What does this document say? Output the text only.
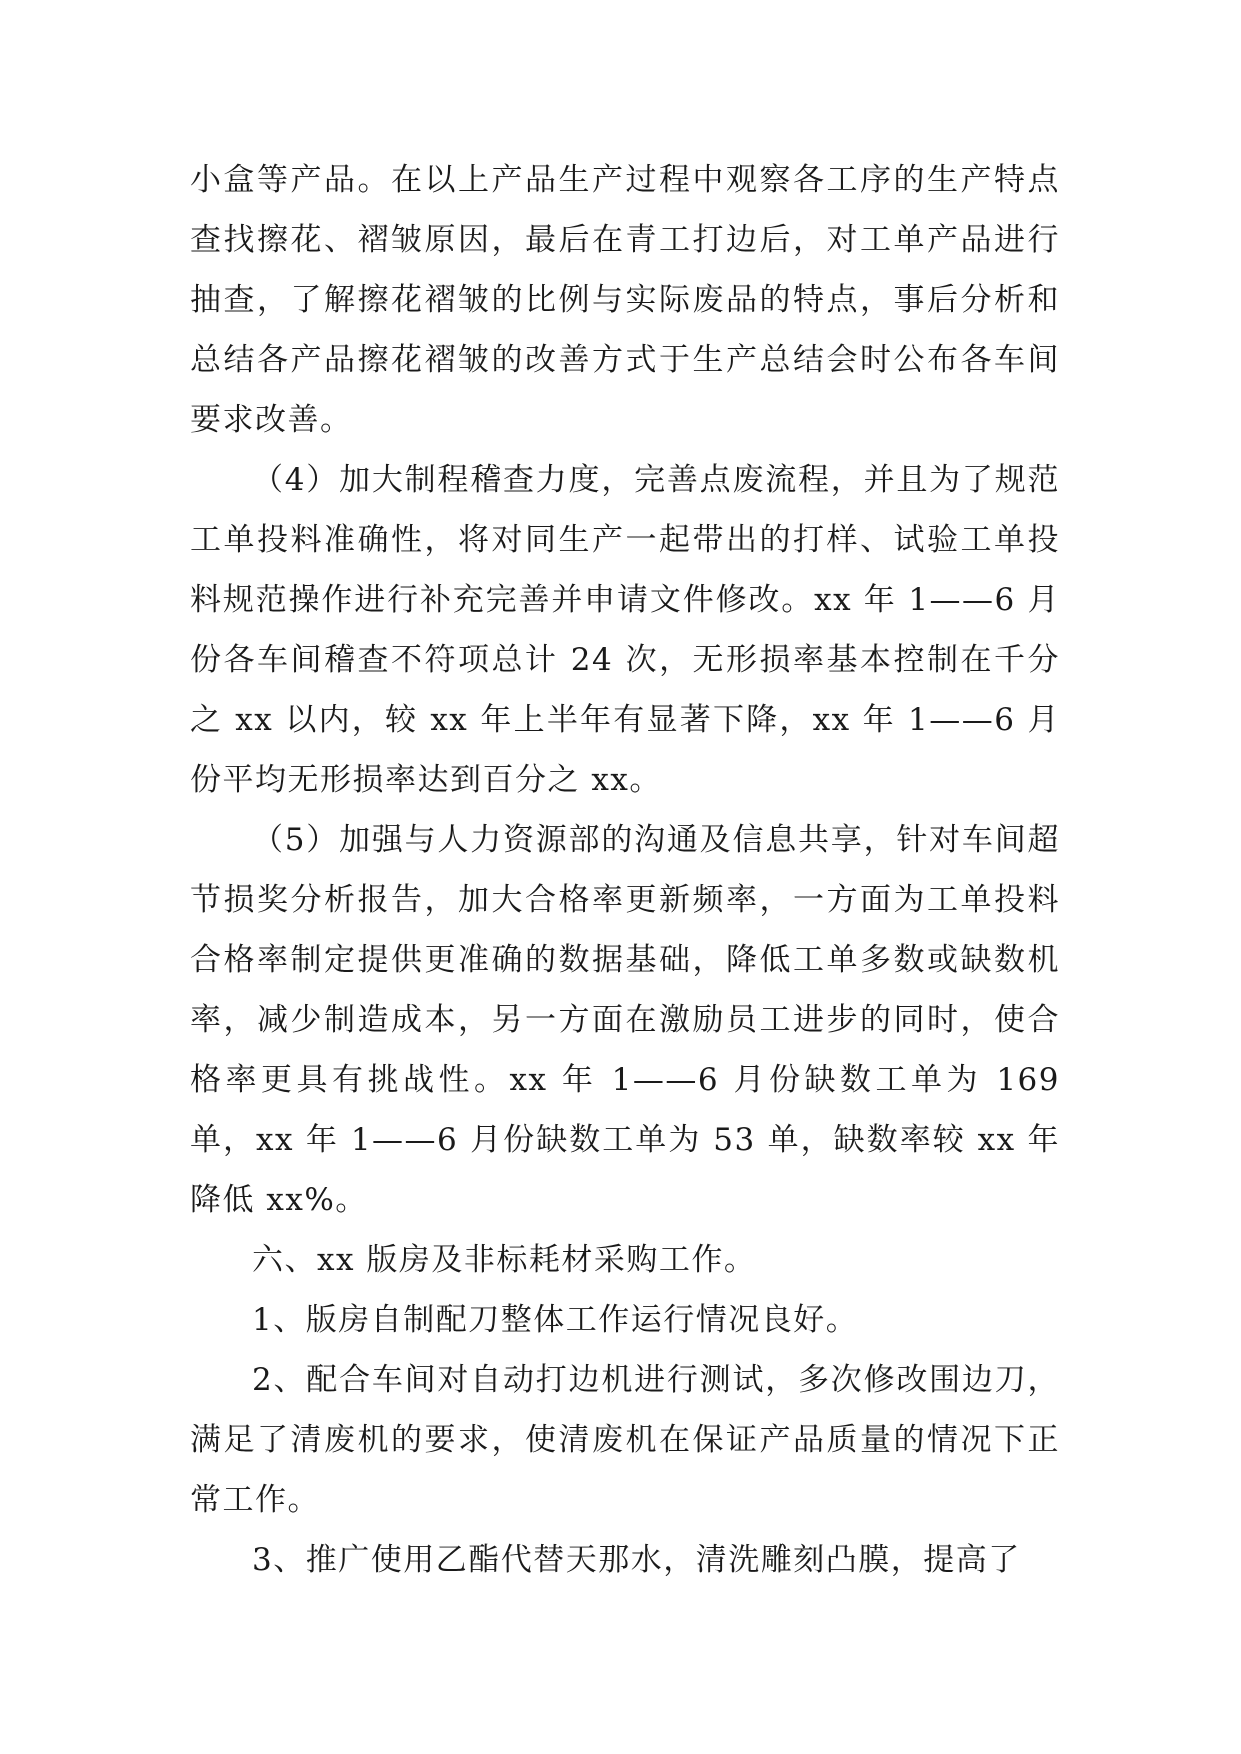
小盒等产品。在以上产品生产过程中观察各工序的生产特点查找擦花、褶皱原因，最后在青工打边后，对工单产品进行抽查，了解擦花褶皱的比例与实际废品的特点，事后分析和总结各产品擦花褶皱的改善方式于生产总结会时公布各车间要求改善。

（4）加大制程稽查力度，完善点废流程，并且为了规范工单投料准确性，将对同生产一起带出的打样、试验工单投料规范操作进行补充完善并申请文件修改。xx 年 1——6 月份各车间稽查不符项总计 24 次，无形损率基本控制在千分之 xx 以内，较 xx 年上半年有显著下降，xx 年 1——6 月份平均无形损率达到百分之 xx。

（5）加强与人力资源部的沟通及信息共享，针对车间超节损奖分析报告，加大合格率更新频率，一方面为工单投料合格率制定提供更准确的数据基础，降低工单多数或缺数机率，减少制造成本，另一方面在激励员工进步的同时，使合格率更具有挑战性。xx 年 1——6 月份缺数工单为 169 单，xx 年 1——6 月份缺数工单为 53 单，缺数率较 xx 年降低 xx%。

六、xx 版房及非标耗材采购工作。

1、版房自制配刀整体工作运行情况良好。

2、配合车间对自动打边机进行测试，多次修改围边刀，满足了清废机的要求，使清废机在保证产品质量的情况下正常工作。

3、推广使用乙酯代替天那水，清洗雕刻凸膜，提高了
